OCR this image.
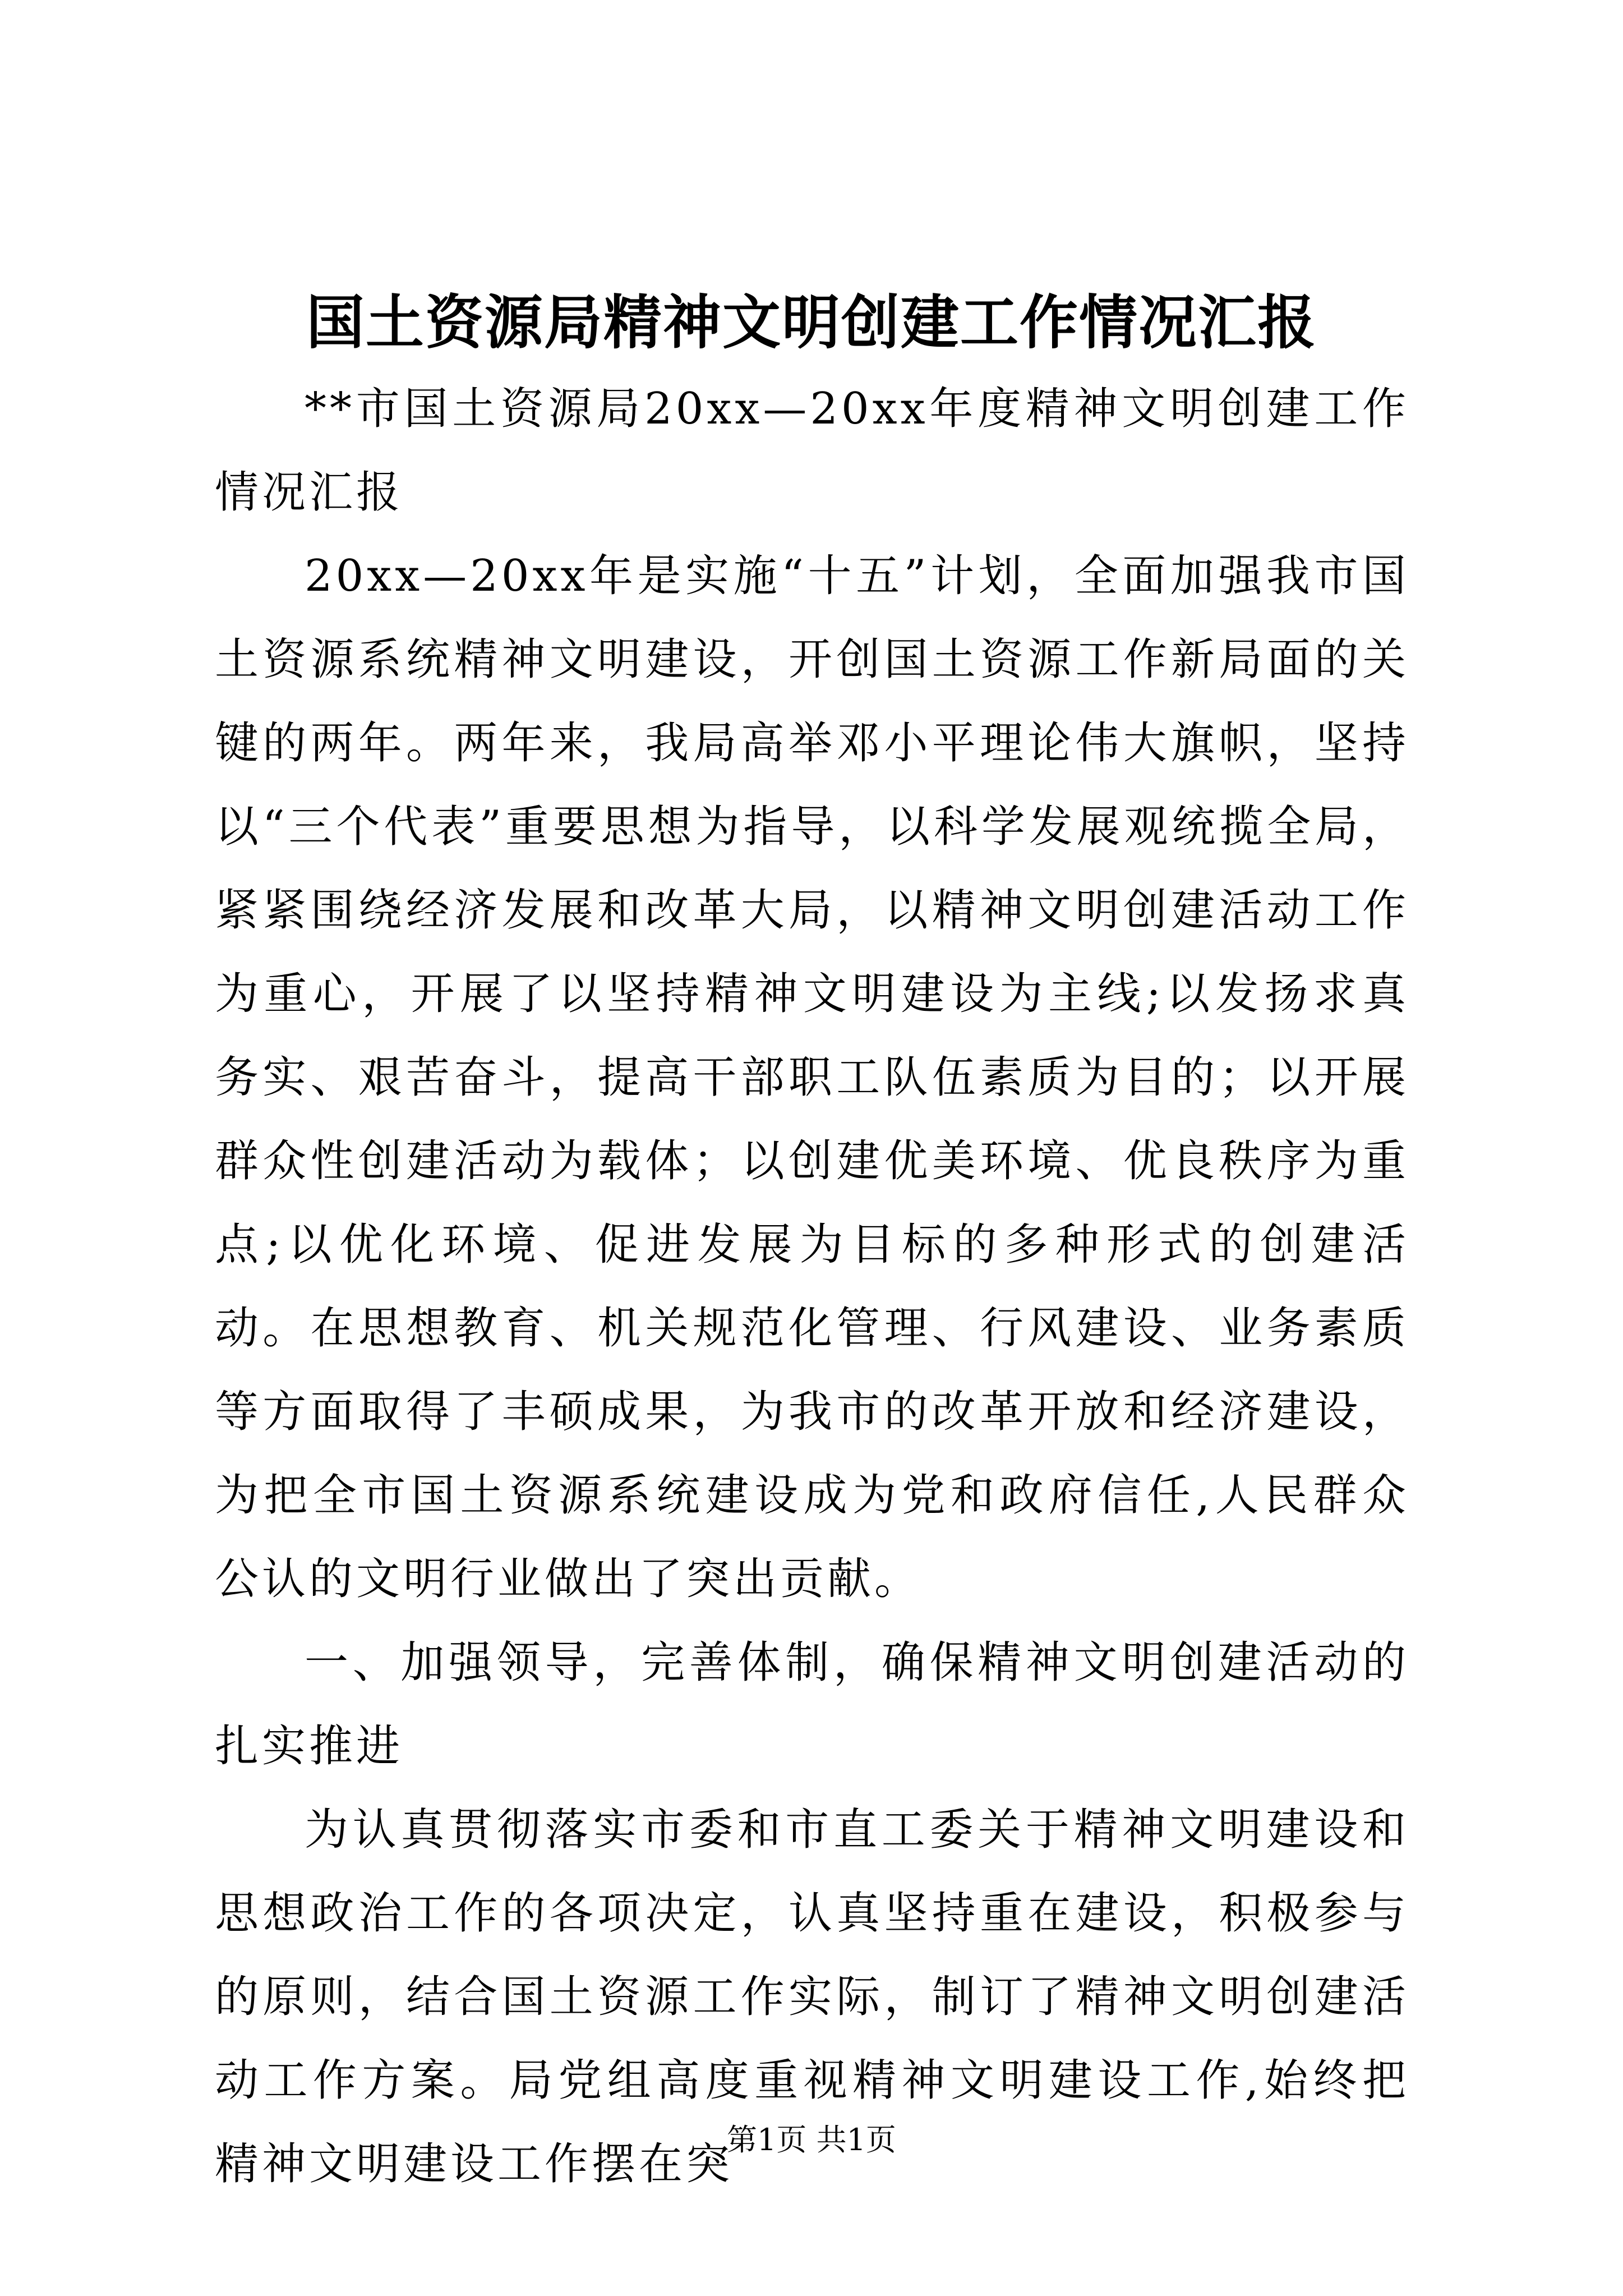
国土资源局精神文明创建工作情况汇报

**市国土资源局20xx—20xx年度精神文明创建工作情况汇报

20xx—20xx年是实施“十五”计划，全面加强我市国土资源系统精神文明建设，开创国土资源工作新局面的关键的两年。两年来，我局高举邓小平理论伟大旗帜，坚持以“三个代表”重要思想为指导，以科学发展观统揽全局，紧紧围绕经济发展和改革大局，以精神文明创建活动工作为重心，开展了以坚持精神文明建设为主线;以发扬求真务实、艰苦奋斗，提高干部职工队伍素质为目的；以开展群众性创建活动为载体；以创建优美环境、优良秩序为重点;以优化环境、促进发展为目标的多种形式的创建活动。在思想教育、机关规范化管理、行风建设、业务素质等方面取得了丰硕成果，为我市的改革开放和经济建设，为把全市国土资源系统建设成为党和政府信任,人民群众公认的文明行业做出了突出贡献。

一、加强领导，完善体制，确保精神文明创建活动的扎实推进

为认真贯彻落实市委和市直工委关于精神文明建设和思想政治工作的各项决定，认真坚持重在建设，积极参与的原则，结合国土资源工作实际，制订了精神文明创建活动工作方案。局党组高度重视精神文明建设工作,始终把精神文明建设工作摆在突

第1页 共1页
